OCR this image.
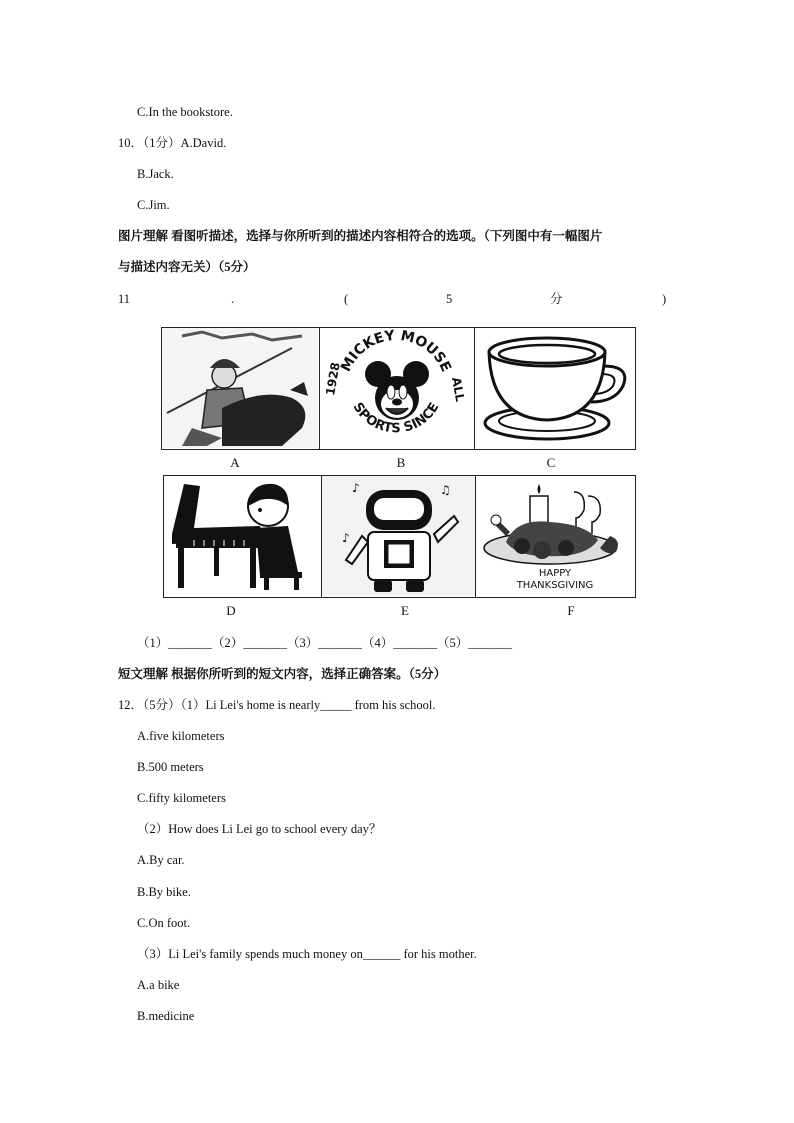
C.In the bookstore.
10．（1分）A.David.
B.Jack.
C.Jim.
图片理解 看图听描述，选择与你所听到的描述内容相符合的选项。（下列图中有一幅图片
与描述内容无关）（5分）
11	.	(	5	分	)
MICKEY MOUSE
SPORTS SINCE
1928	ALL
A	B	C
♪	♫
♪
HAPPY
THANKSGIVING
D	E	F
（1）_______（2）_______（3）_______（4）_______（5）_______
短文理解 根据你所听到的短文内容，选择正确答案。（5分）
12．（5分）（1）Li Lei's home is nearly_____ from his school.
A.five kilometers
B.500 meters
C.fifty kilometers
（2）How does Li Lei go to school every day？
A.By car.
B.By bike.
C.On foot.
（3）Li Lei's family spends much money on______ for his mother.
A.a bike
B.medicine
